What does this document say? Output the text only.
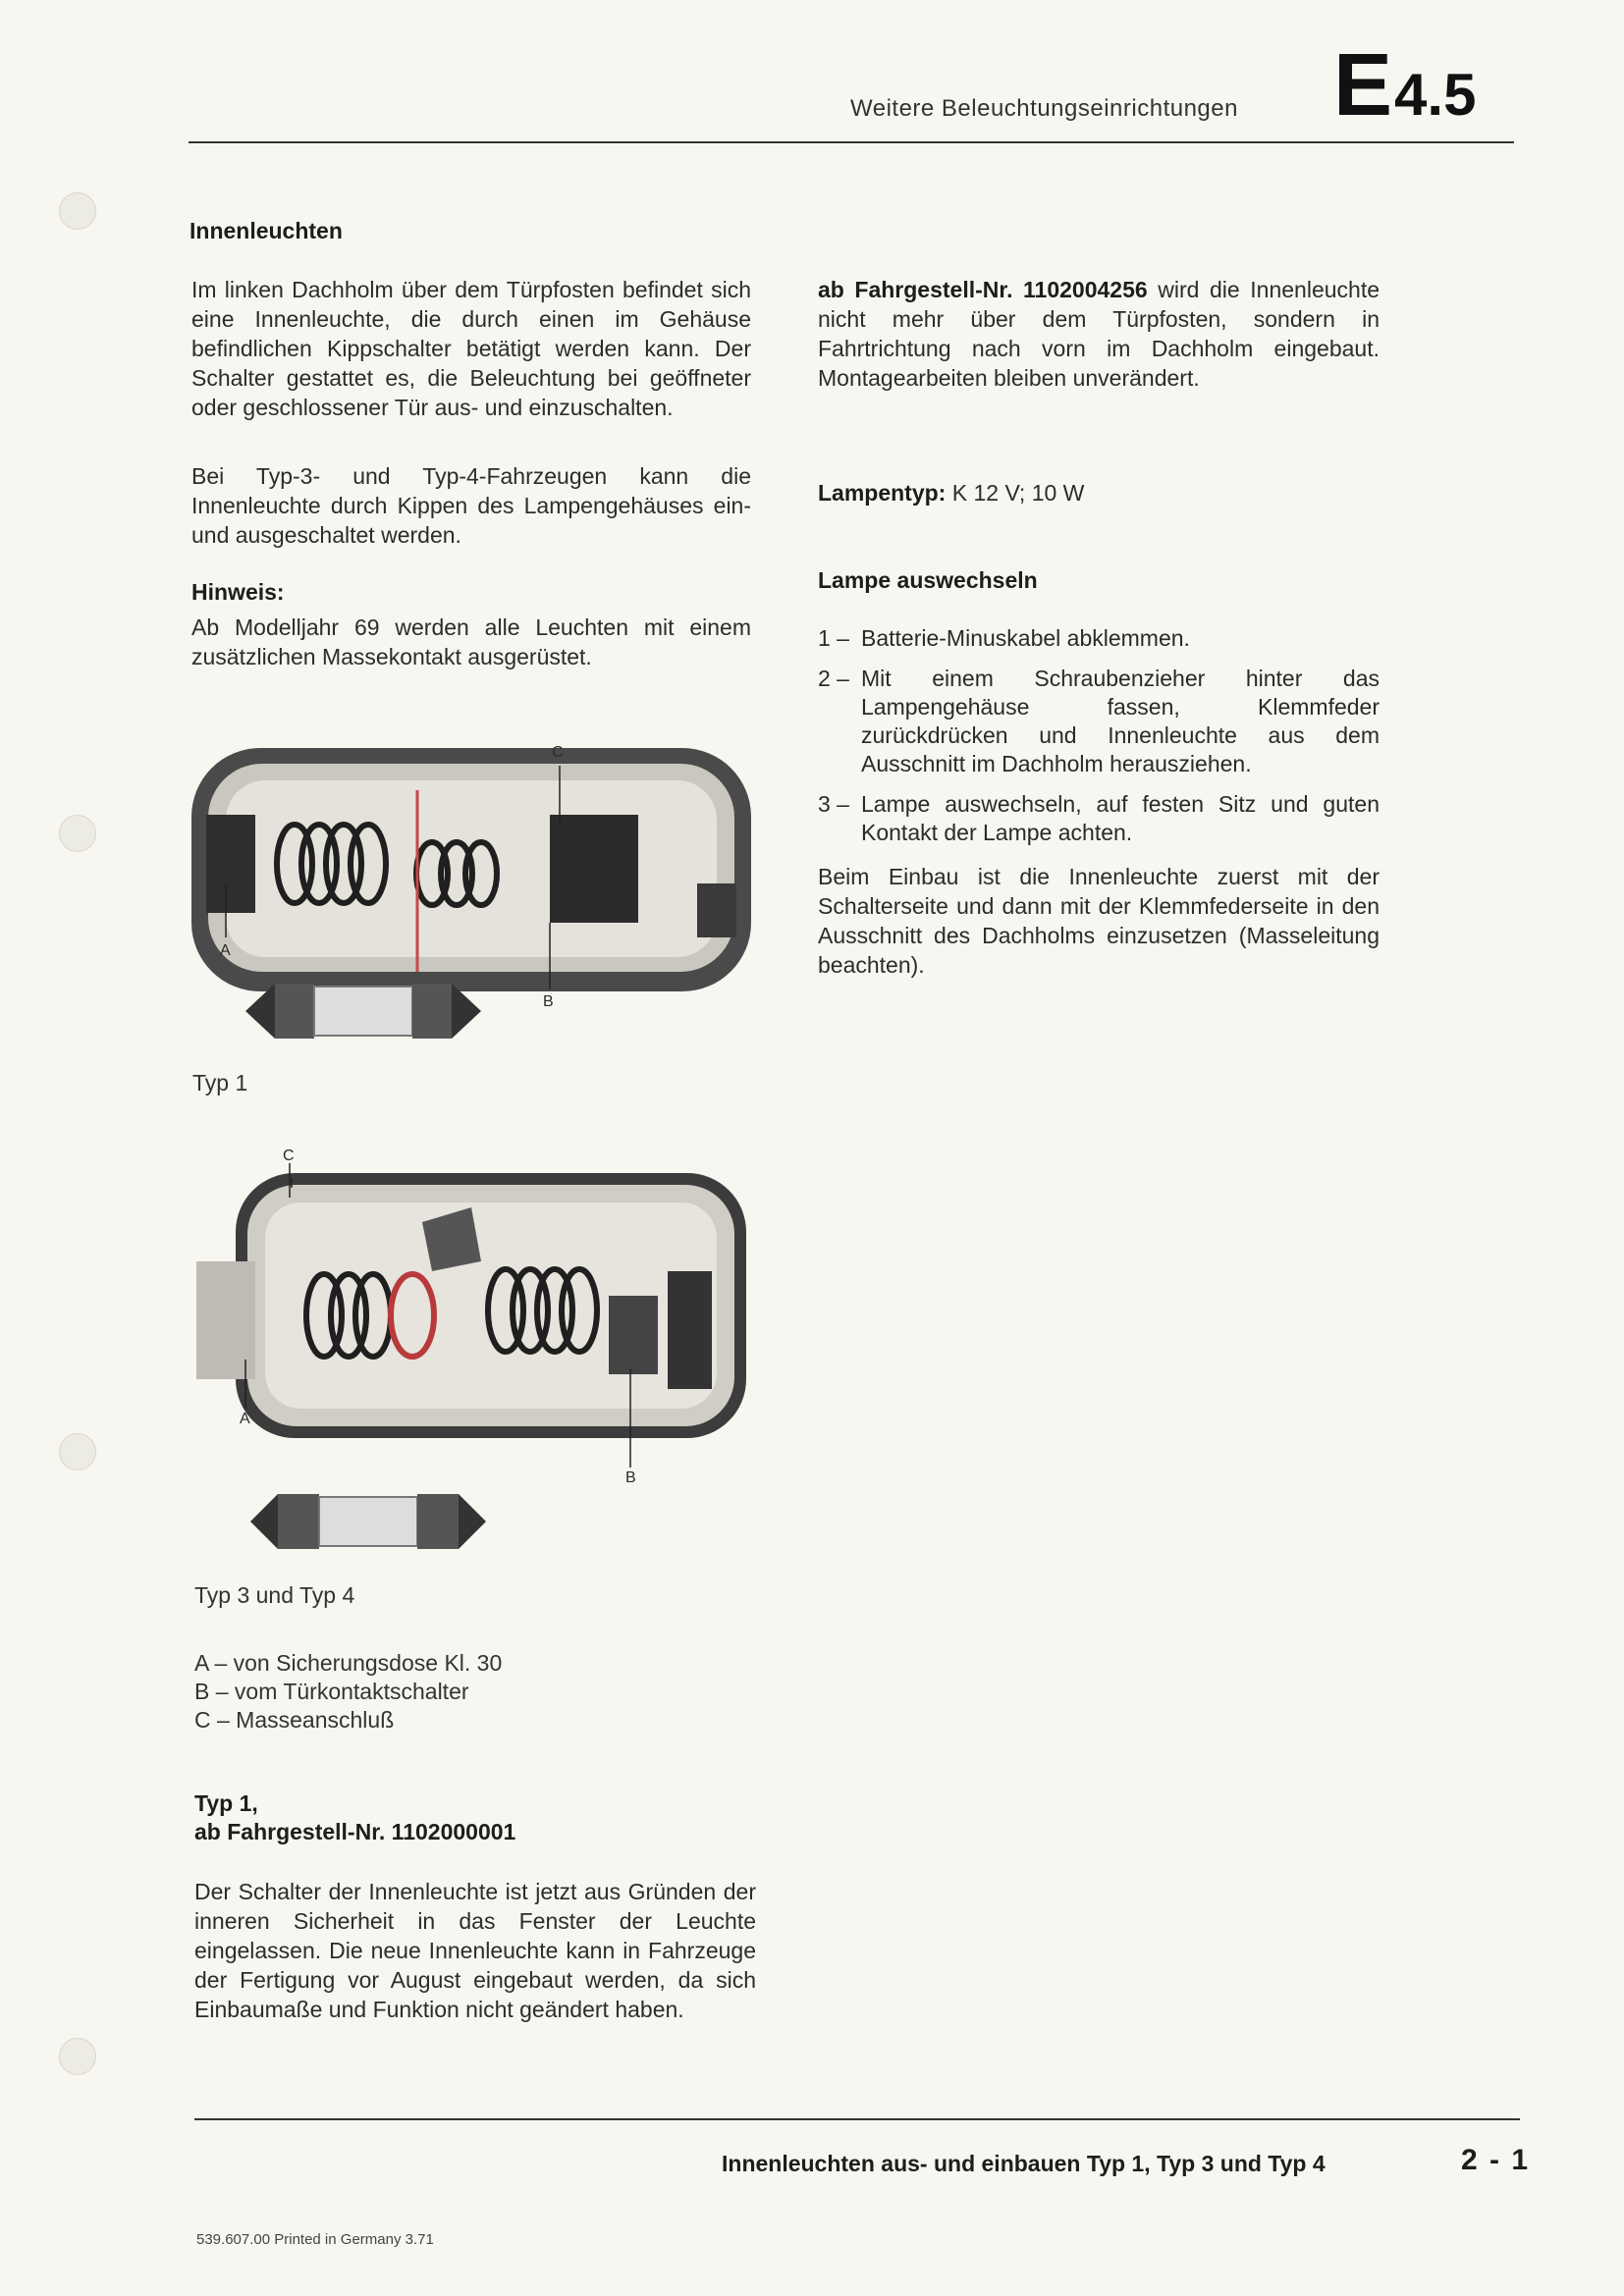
Weitere Beleuchtungseinrichtungen E4.5
Innenleuchten
Im linken Dachholm über dem Türpfosten befindet sich eine Innenleuchte, die durch einen im Gehäuse befindlichen Kippschalter betätigt werden kann. Der Schalter gestattet es, die Beleuchtung bei geöffneter oder geschlossener Tür aus- und einzuschalten.
Bei Typ-3- und Typ-4-Fahrzeugen kann die Innenleuchte durch Kippen des Lampengehäuses ein- und ausgeschaltet werden.
Hinweis:
Ab Modelljahr 69 werden alle Leuchten mit einem zusätzlichen Massekontakt ausgerüstet.
C
A
B
Typ 1
C
A
B
Typ 3 und Typ 4
A – von Sicherungsdose Kl. 30
B – vom Türkontaktschalter
C – Masseanschluß
Typ 1,
ab Fahrgestell-Nr. 1102000001
Der Schalter der Innenleuchte ist jetzt aus Gründen der inneren Sicherheit in das Fenster der Leuchte eingelassen. Die neue Innenleuchte kann in Fahrzeuge der Fertigung vor August eingebaut werden, da sich Einbaumaße und Funktion nicht geändert haben.
ab Fahrgestell-Nr. 1102004256 wird die Innenleuchte nicht mehr über dem Türpfosten, sondern in Fahrtrichtung nach vorn im Dachholm eingebaut. Montagearbeiten bleiben unverändert.
Lampentyp: K 12 V; 10 W
Lampe auswechseln
1 – Batterie-Minuskabel abklemmen.
2 – Mit einem Schraubenzieher hinter das Lampengehäuse fassen, Klemmfeder zurückdrücken und Innenleuchte aus dem Ausschnitt im Dachholm herausziehen.
3 – Lampe auswechseln, auf festen Sitz und guten Kontakt der Lampe achten.
Beim Einbau ist die Innenleuchte zuerst mit der Schalterseite und dann mit der Klemmfederseite in den Ausschnitt des Dachholms einzusetzen (Masseleitung beachten).
Innenleuchten aus- und einbauen Typ 1, Typ 3 und Typ 4	2 - 1
539.607.00 Printed in Germany 3.71
